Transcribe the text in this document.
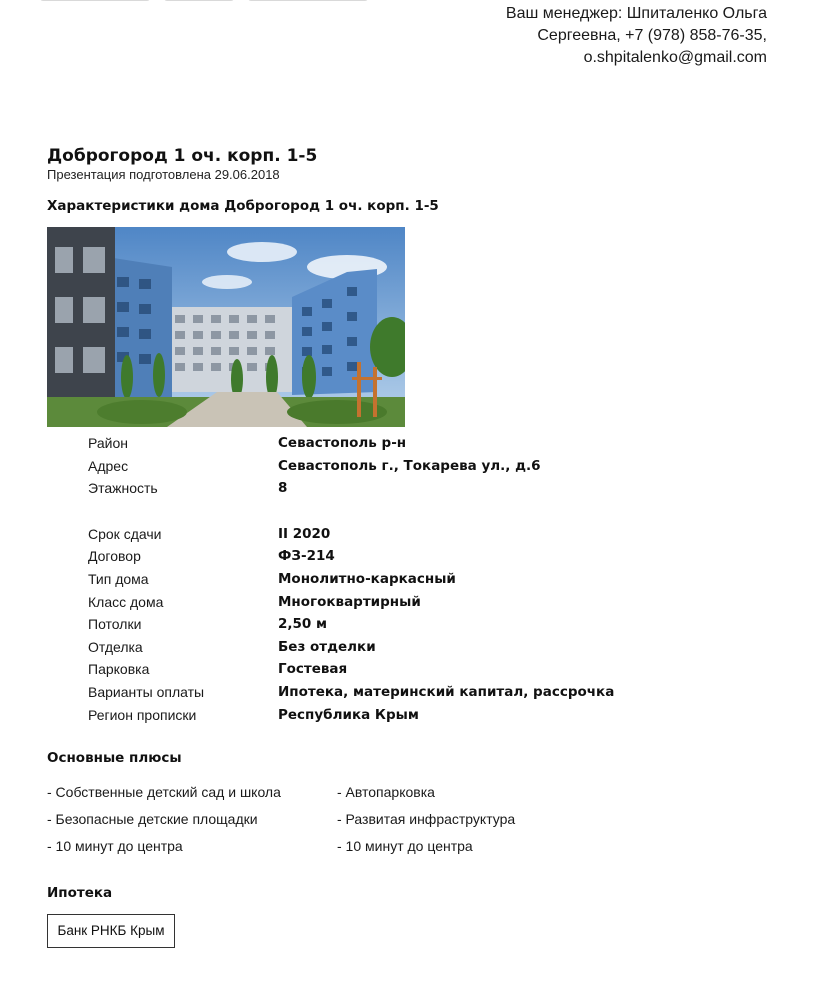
Ваш менеджер: Шпиталенко Ольга
Сергеевна, +7 (978) 858-76-35,
o.shpitalenko@gmail.com
Доброгород 1 оч. корп. 1-5
Презентация подготовлена 29.06.2018
Характеристики дома Доброгород 1 оч. корп. 1-5
Район	Севастополь р-н
Адрес	Севастополь г., Токарева ул., д.6
Этажность	8
Срок сдачи	II 2020
Договор	ФЗ-214
Тип дома	Монолитно-каркасный
Класс дома	Многоквартирный
Потолки	2,50 м
Отделка	Без отделки
Парковка	Гостевая
Варианты оплаты	Ипотека, материнский капитал, рассрочка
Регион прописки	Республика Крым
Основные плюсы
- Собственные детский сад и школа
- Безопасные детские площадки
- 10 минут до центра
- Автопарковка
- Развитая инфраструктура
- 10 минут до центра
Ипотека
Банк РНКБ Крым
